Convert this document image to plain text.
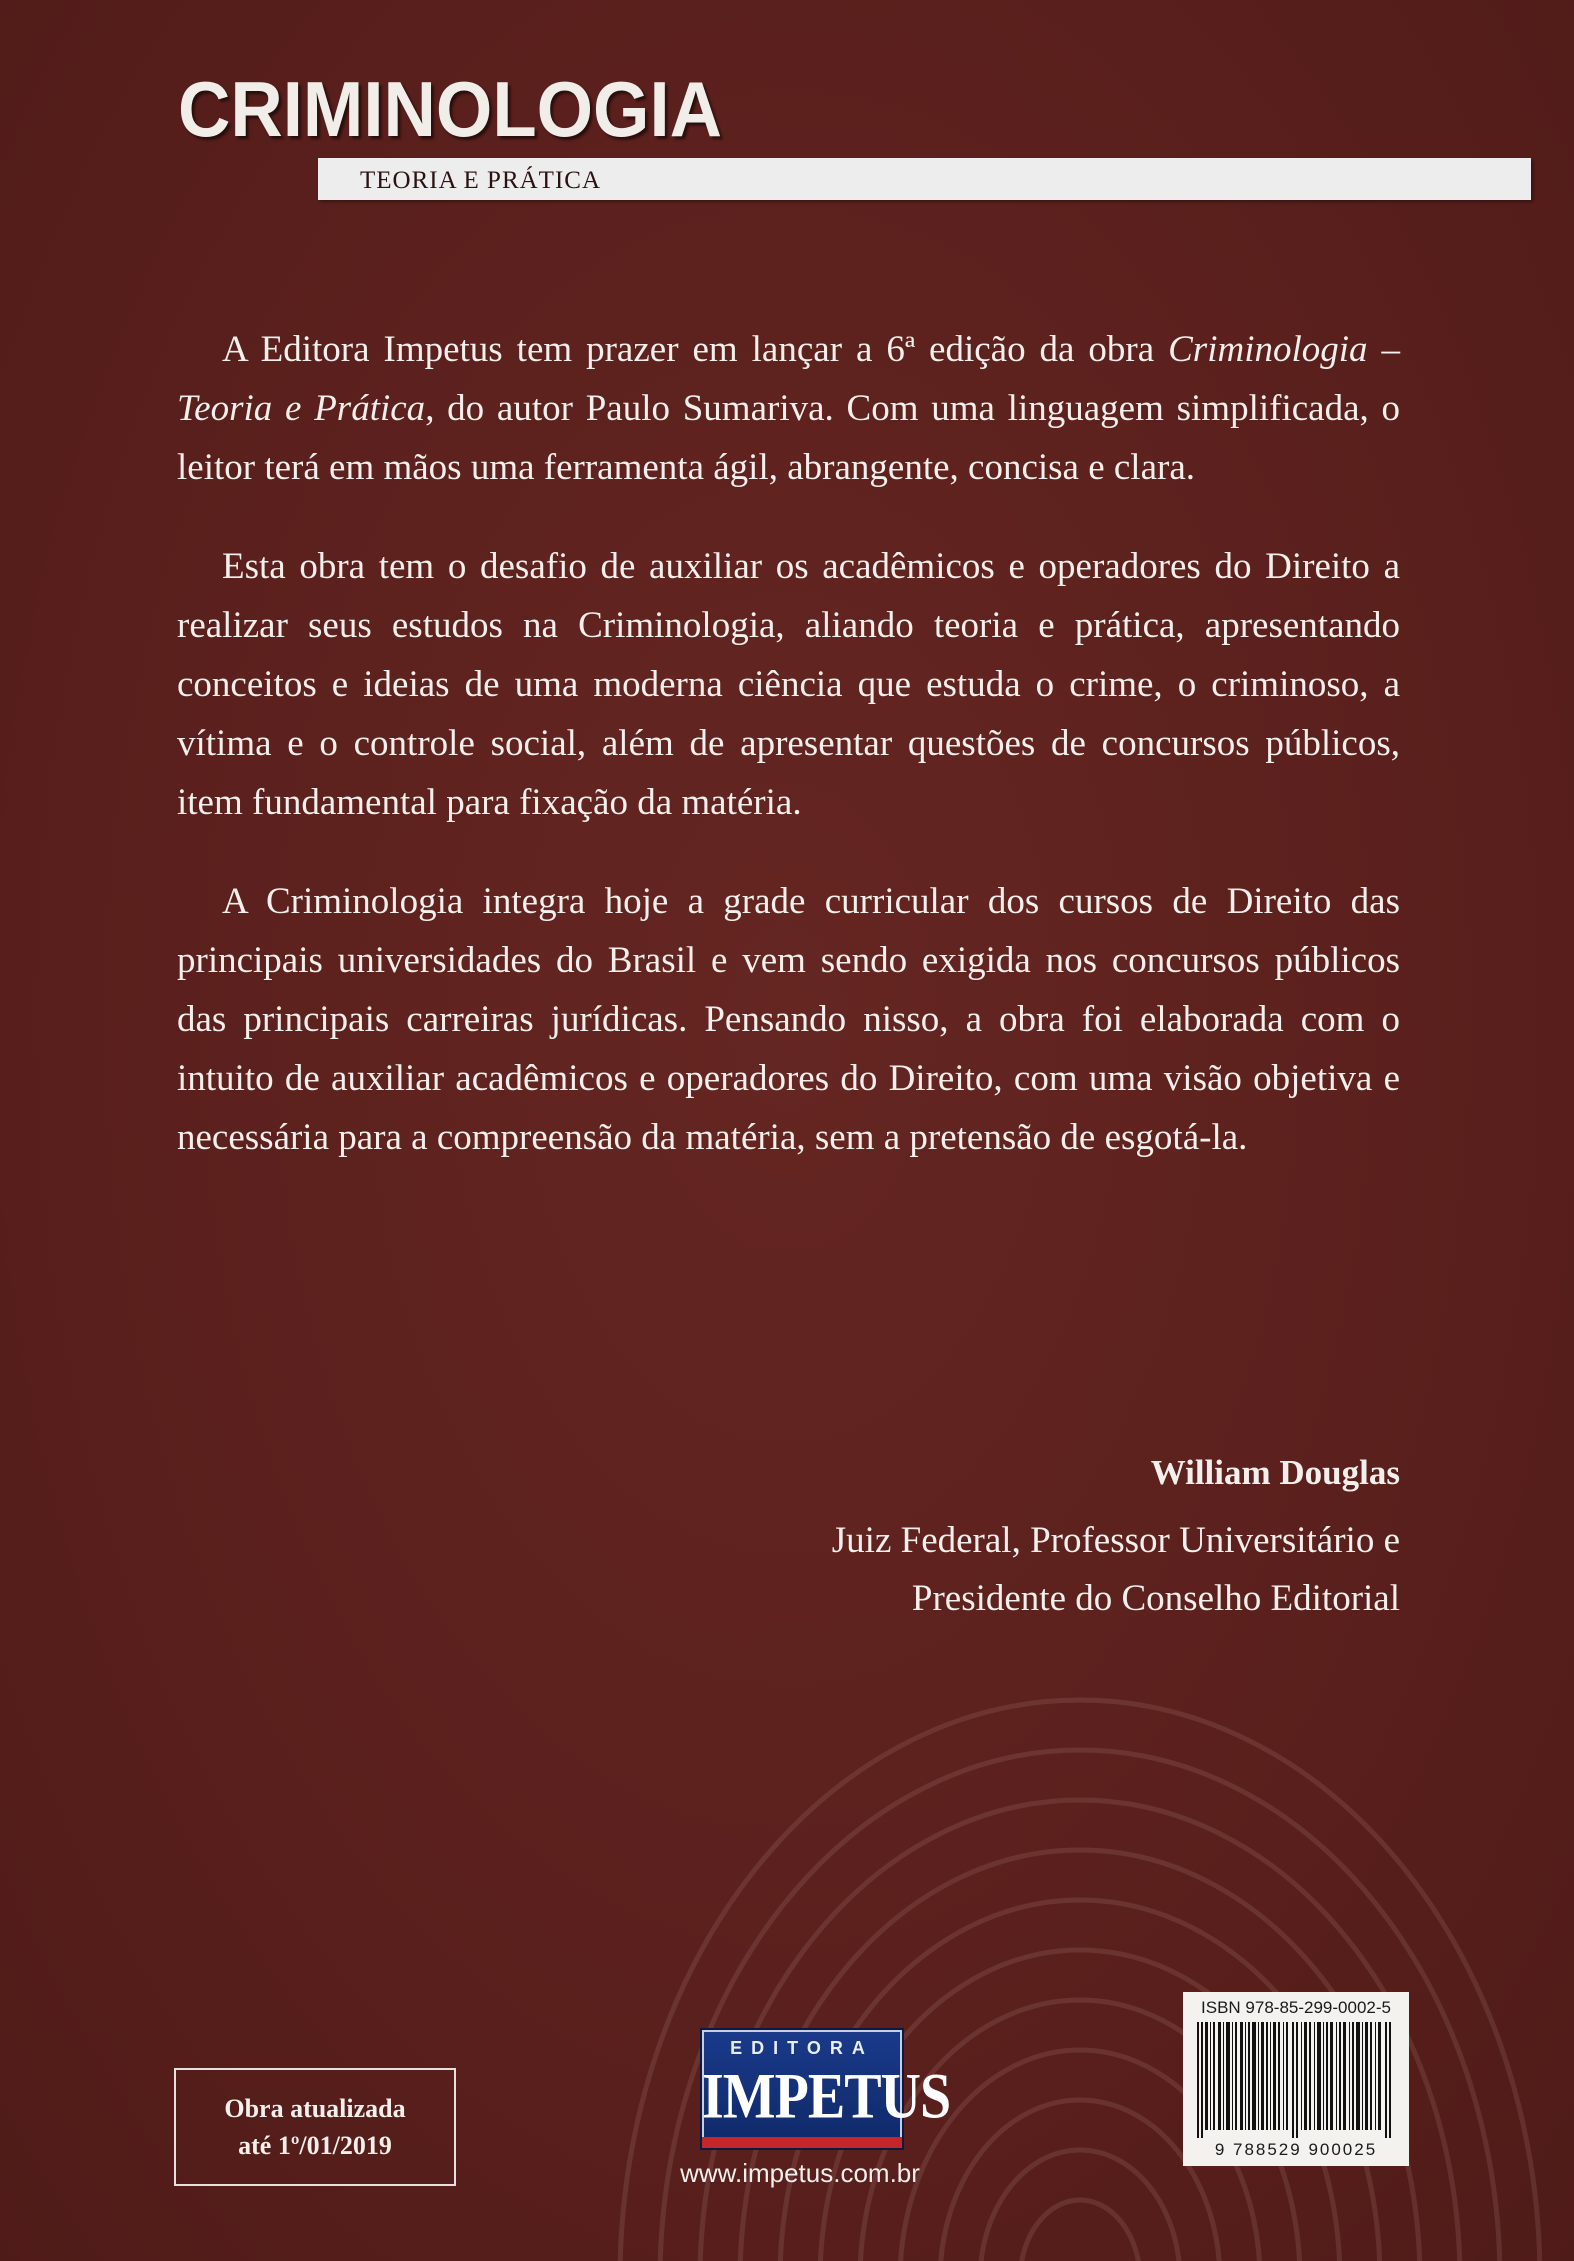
CRIMINOLOGIA
TEORIA E PRÁTICA

A Editora Impetus tem prazer em lançar a 6ª edição da obra Criminologia – Teoria e Prática, do autor Paulo Sumariva. Com uma linguagem simplificada, o leitor terá em mãos uma ferramenta ágil, abrangente, concisa e clara.

Esta obra tem o desafio de auxiliar os acadêmicos e operadores do Direito a realizar seus estudos na Criminologia, aliando teoria e prática, apresentando conceitos e ideias de uma moderna ciência que estuda o crime, o criminoso, a vítima e o controle social, além de apresentar questões de concursos públicos, item fundamental para fixação da matéria.

A Criminologia integra hoje a grade curricular dos cursos de Direito das principais universidades do Brasil e vem sendo exigida nos concursos públicos das principais carreiras jurídicas. Pensando nisso, a obra foi elaborada com o intuito de auxiliar acadêmicos e operadores do Direito, com uma visão objetiva e necessária para a compreensão da matéria, sem a pretensão de esgotá-la.

William Douglas
Juiz Federal, Professor Universitário e
Presidente do Conselho Editorial
Obra atualizada
até 1º/01/2019
EDITORA
IMPETUS
www.impetus.com.br
ISBN 978-85-299-0002-5
9 788529 900025
